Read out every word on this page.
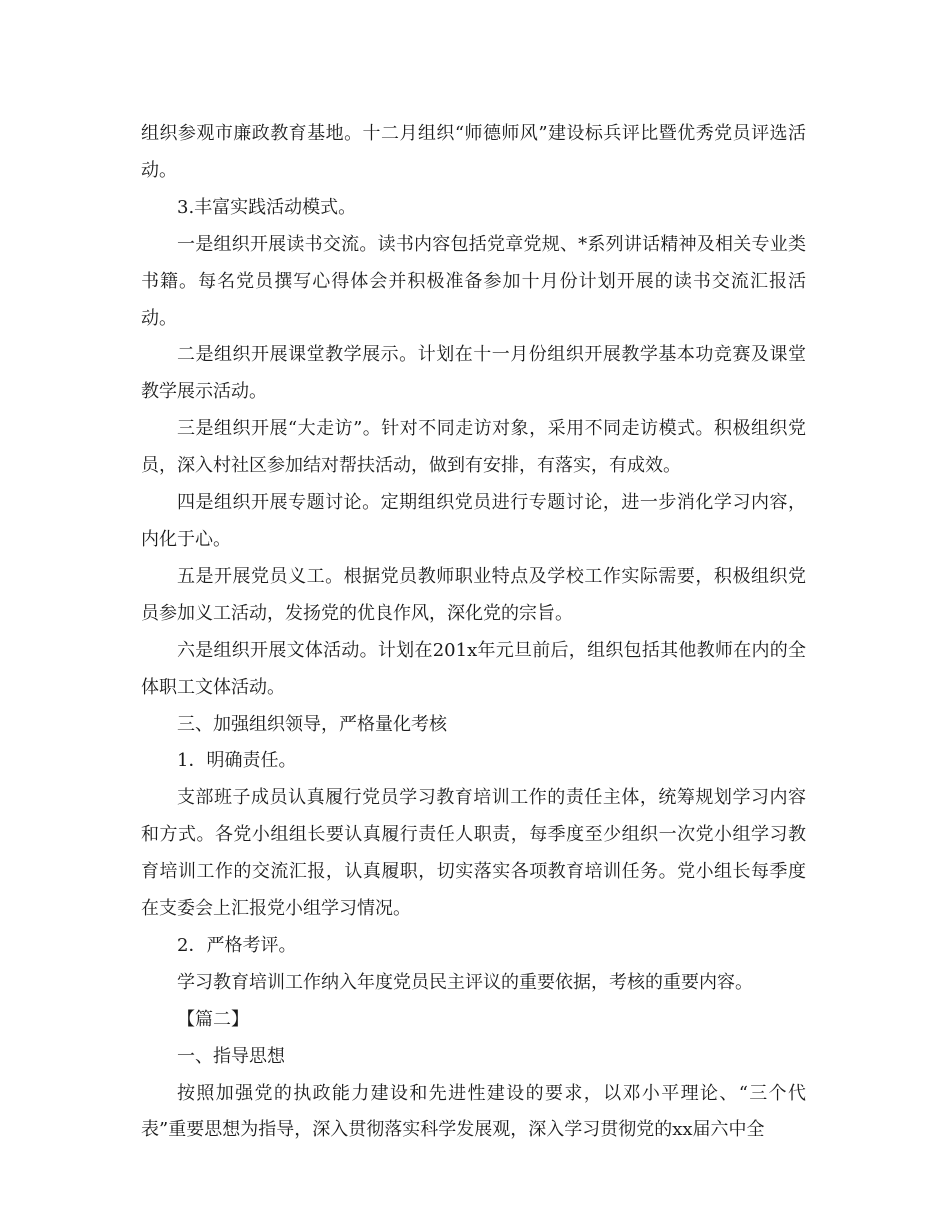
组织参观市廉政教育基地。十二月组织“师德师风”建设标兵评比暨优秀党员评选活动。

3.丰富实践活动模式。

一是组织开展读书交流。读书内容包括党章党规、*系列讲话精神及相关专业类书籍。每名党员撰写心得体会并积极准备参加十月份计划开展的读书交流汇报活动。

二是组织开展课堂教学展示。计划在十一月份组织开展教学基本功竞赛及课堂教学展示活动。

三是组织开展“大走访”。针对不同走访对象，采用不同走访模式。积极组织党员，深入村社区参加结对帮扶活动，做到有安排，有落实，有成效。

四是组织开展专题讨论。定期组织党员进行专题讨论，进一步消化学习内容，内化于心。

五是开展党员义工。根据党员教师职业特点及学校工作实际需要，积极组织党员参加义工活动，发扬党的优良作风，深化党的宗旨。

六是组织开展文体活动。计划在201x年元旦前后，组织包括其他教师在内的全体职工文体活动。

三、加强组织领导，严格量化考核

1．明确责任。

支部班子成员认真履行党员学习教育培训工作的责任主体，统筹规划学习内容和方式。各党小组组长要认真履行责任人职责，每季度至少组织一次党小组学习教育培训工作的交流汇报，认真履职，切实落实各项教育培训任务。党小组长每季度在支委会上汇报党小组学习情况。

2．严格考评。

学习教育培训工作纳入年度党员民主评议的重要依据，考核的重要内容。

【篇二】

一、指导思想

按照加强党的执政能力建设和先进性建设的要求，以邓小平理论、“三个代表”重要思想为指导，深入贯彻落实科学发展观，深入学习贯彻党的xx届六中全
